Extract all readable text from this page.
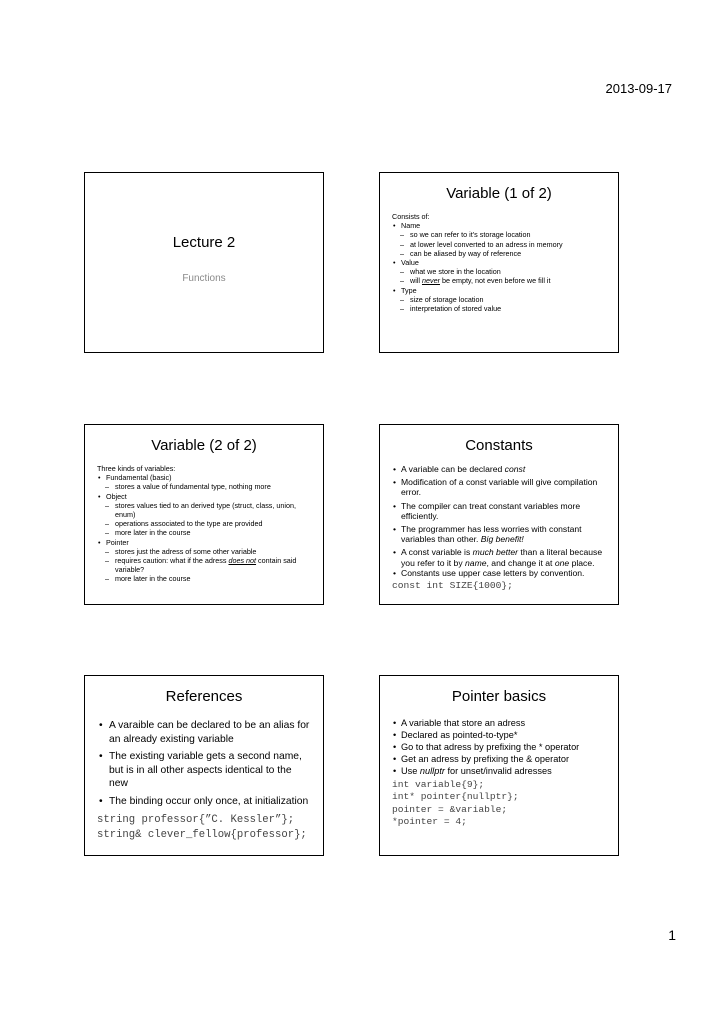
2013-09-17
Lecture 2
Functions
Variable (1 of 2)
Consists of:
• Name
– so we can refer to it’s storage location
– at lower level converted to an adress in memory
– can be aliased by way of reference
• Value
– what we store in the location
– will never be empty, not even before we fill it
• Type
– size of storage location
– interpretation of stored value
Variable (2 of 2)
Three kinds of variables:
• Fundamental (basic)
– stores a value of fundamental type, nothing more
• Object
– stores values tied to an derived type (struct, class, union, enum)
– operations associated to the type are provided
– more later in the course
• Pointer
– stores just the adress of some other variable
– requires caution: what if the adress does not contain said variable?
– more later in the course
Constants
• A variable can be declared const
• Modification of a const variable will give compilation error.
• The compiler can treat constant variables more efficiently.
• The programmer has less worries with constant variables than other. Big benefit!
• A const variable is much better than a literal because you refer to it by name, and change it at one place.
• Constants use upper case letters by convention.
const int SIZE{1000};
References
• A varaible can be declared to be an alias for an already existing variable
• The existing variable gets a second name, but is in all other aspects identical to the new
• The binding occur only once, at initialization
string professor{”C. Kessler”};
string& clever_fellow{professor};
Pointer basics
• A variable that store an adress
• Declared as pointed-to-type*
• Go to that adress by prefixing the * operator
• Get an adress by prefixing the & operator
• Use nullptr for unset/invalid adresses
int variable{9};
int* pointer{nullptr};
pointer = &variable;
*pointer = 4;
1
